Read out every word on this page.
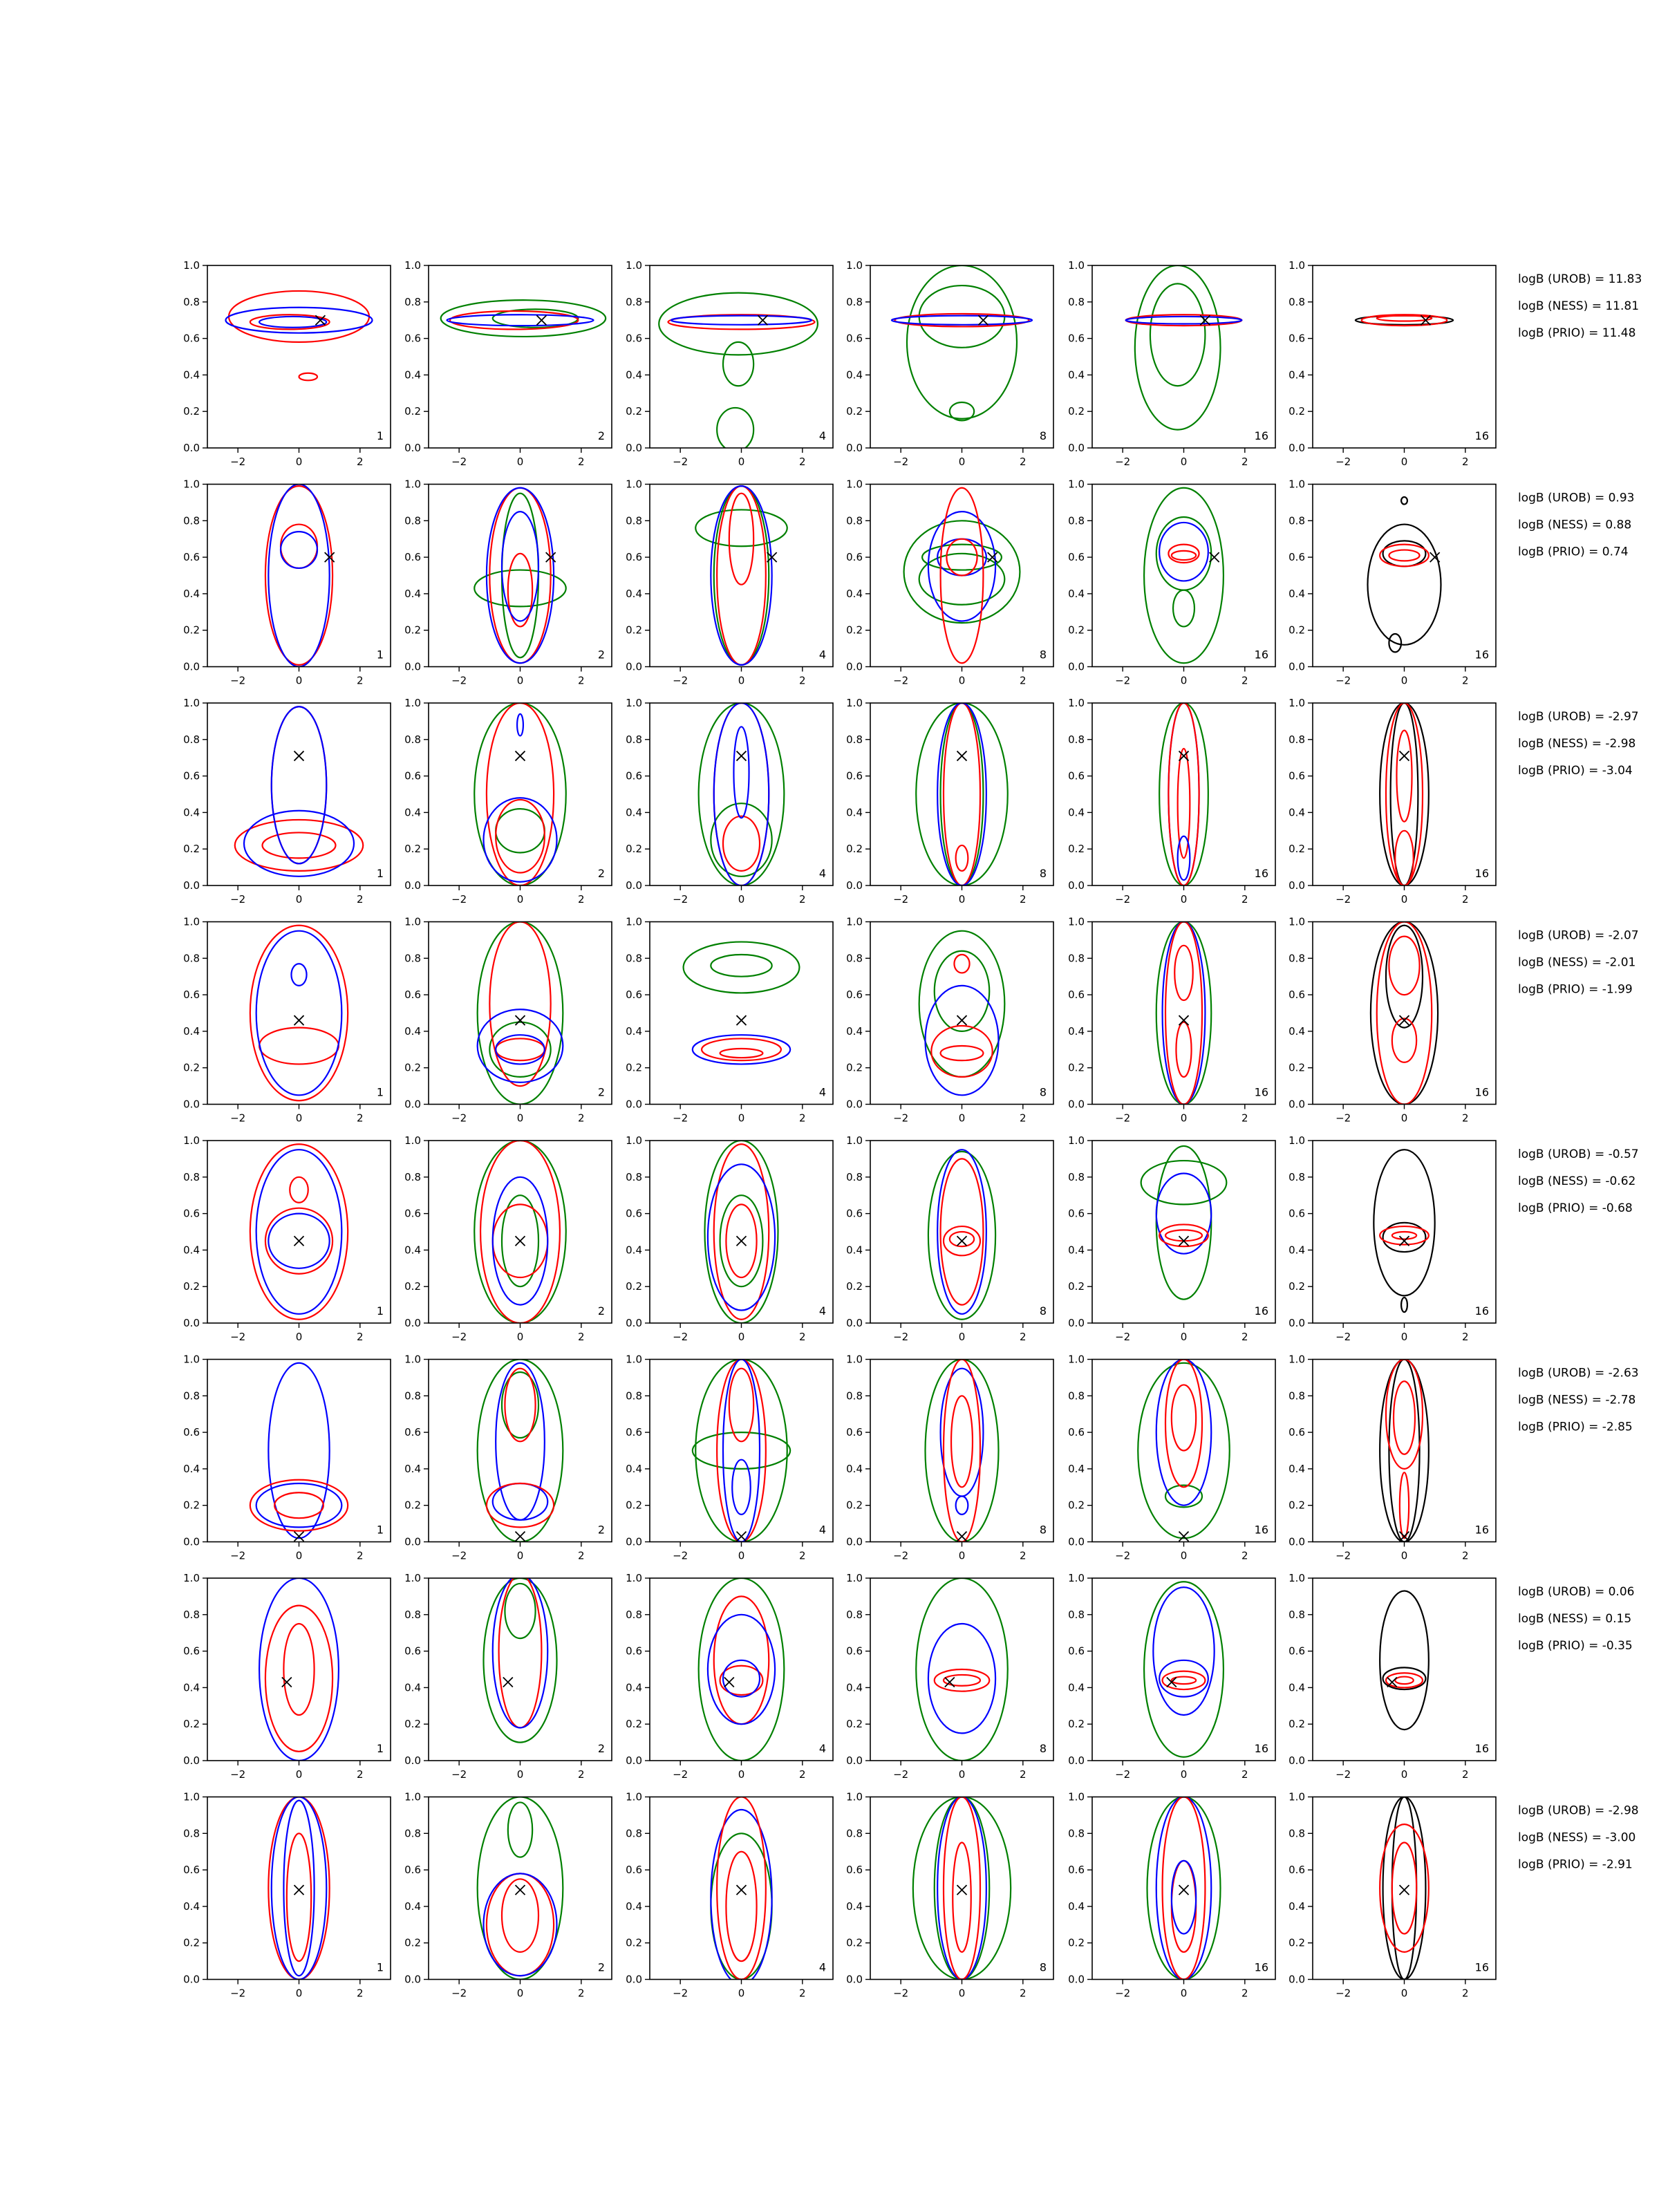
−2	0	2
0.0
0.2
0.4
0.6
0.8
1.0
1
−2	0	2
0.0
0.2
0.4
0.6
0.8
1.0
2
−2	0	2
0.0
0.2
0.4
0.6
0.8
1.0
4
−2	0	2
0.0
0.2
0.4
0.6
0.8
1.0
8
−2	0	2
0.0
0.2
0.4
0.6
0.8
1.0
16
−2	0	2
0.0
0.2
0.4
0.6
0.8
1.0
16
logB (UROB) = 11.83
logB (NESS) = 11.81
logB (PRIO) = 11.48
−2	0	2
0.0
0.2
0.4
0.6
0.8
1.0
1
−2	0	2
0.0
0.2
0.4
0.6
0.8
1.0
2
−2	0	2
0.0
0.2
0.4
0.6
0.8
1.0
4
−2	0	2
0.0
0.2
0.4
0.6
0.8
1.0
8
−2	0	2
0.0
0.2
0.4
0.6
0.8
1.0
16
−2	0	2
0.0
0.2
0.4
0.6
0.8
1.0
16
logB (UROB) = 0.93
logB (NESS) = 0.88
logB (PRIO) = 0.74
−2	0	2
0.0
0.2
0.4
0.6
0.8
1.0
1
−2	0	2
0.0
0.2
0.4
0.6
0.8
1.0
2
−2	0	2
0.0
0.2
0.4
0.6
0.8
1.0
4
−2	0	2
0.0
0.2
0.4
0.6
0.8
1.0
8
−2	0	2
0.0
0.2
0.4
0.6
0.8
1.0
16
−2	0	2
0.0
0.2
0.4
0.6
0.8
1.0
16
logB (UROB) = -2.97
logB (NESS) = -2.98
logB (PRIO) = -3.04
−2	0	2
0.0
0.2
0.4
0.6
0.8
1.0
1
−2	0	2
0.0
0.2
0.4
0.6
0.8
1.0
2
−2	0	2
0.0
0.2
0.4
0.6
0.8
1.0
4
−2	0	2
0.0
0.2
0.4
0.6
0.8
1.0
8
−2	0	2
0.0
0.2
0.4
0.6
0.8
1.0
16
−2	0	2
0.0
0.2
0.4
0.6
0.8
1.0
16
logB (UROB) = -2.07
logB (NESS) = -2.01
logB (PRIO) = -1.99
−2	0	2
0.0
0.2
0.4
0.6
0.8
1.0
1
−2	0	2
0.0
0.2
0.4
0.6
0.8
1.0
2
−2	0	2
0.0
0.2
0.4
0.6
0.8
1.0
4
−2	0	2
0.0
0.2
0.4
0.6
0.8
1.0
8
−2	0	2
0.0
0.2
0.4
0.6
0.8
1.0
16
−2	0	2
0.0
0.2
0.4
0.6
0.8
1.0
16
logB (UROB) = -0.57
logB (NESS) = -0.62
logB (PRIO) = -0.68
−2	0	2
0.0
0.2
0.4
0.6
0.8
1.0
1
−2	0	2
0.0
0.2
0.4
0.6
0.8
1.0
2
−2	0	2
0.0
0.2
0.4
0.6
0.8
1.0
4
−2	0	2
0.0
0.2
0.4
0.6
0.8
1.0
8
−2	0	2
0.0
0.2
0.4
0.6
0.8
1.0
16
−2	0	2
0.0
0.2
0.4
0.6
0.8
1.0
16
logB (UROB) = -2.63
logB (NESS) = -2.78
logB (PRIO) = -2.85
−2	0	2
0.0
0.2
0.4
0.6
0.8
1.0
1
−2	0	2
0.0
0.2
0.4
0.6
0.8
1.0
2
−2	0	2
0.0
0.2
0.4
0.6
0.8
1.0
4
−2	0	2
0.0
0.2
0.4
0.6
0.8
1.0
8
−2	0	2
0.0
0.2
0.4
0.6
0.8
1.0
16
−2	0	2
0.0
0.2
0.4
0.6
0.8
1.0
16
logB (UROB) = 0.06
logB (NESS) = 0.15
logB (PRIO) = -0.35
−2	0	2
0.0
0.2
0.4
0.6
0.8
1.0
1
−2	0	2
0.0
0.2
0.4
0.6
0.8
1.0
2
−2	0	2
0.0
0.2
0.4
0.6
0.8
1.0
4
−2	0	2
0.0
0.2
0.4
0.6
0.8
1.0
8
−2	0	2
0.0
0.2
0.4
0.6
0.8
1.0
16
−2	0	2
0.0
0.2
0.4
0.6
0.8
1.0
16
logB (UROB) = -2.98
logB (NESS) = -3.00
logB (PRIO) = -2.91
